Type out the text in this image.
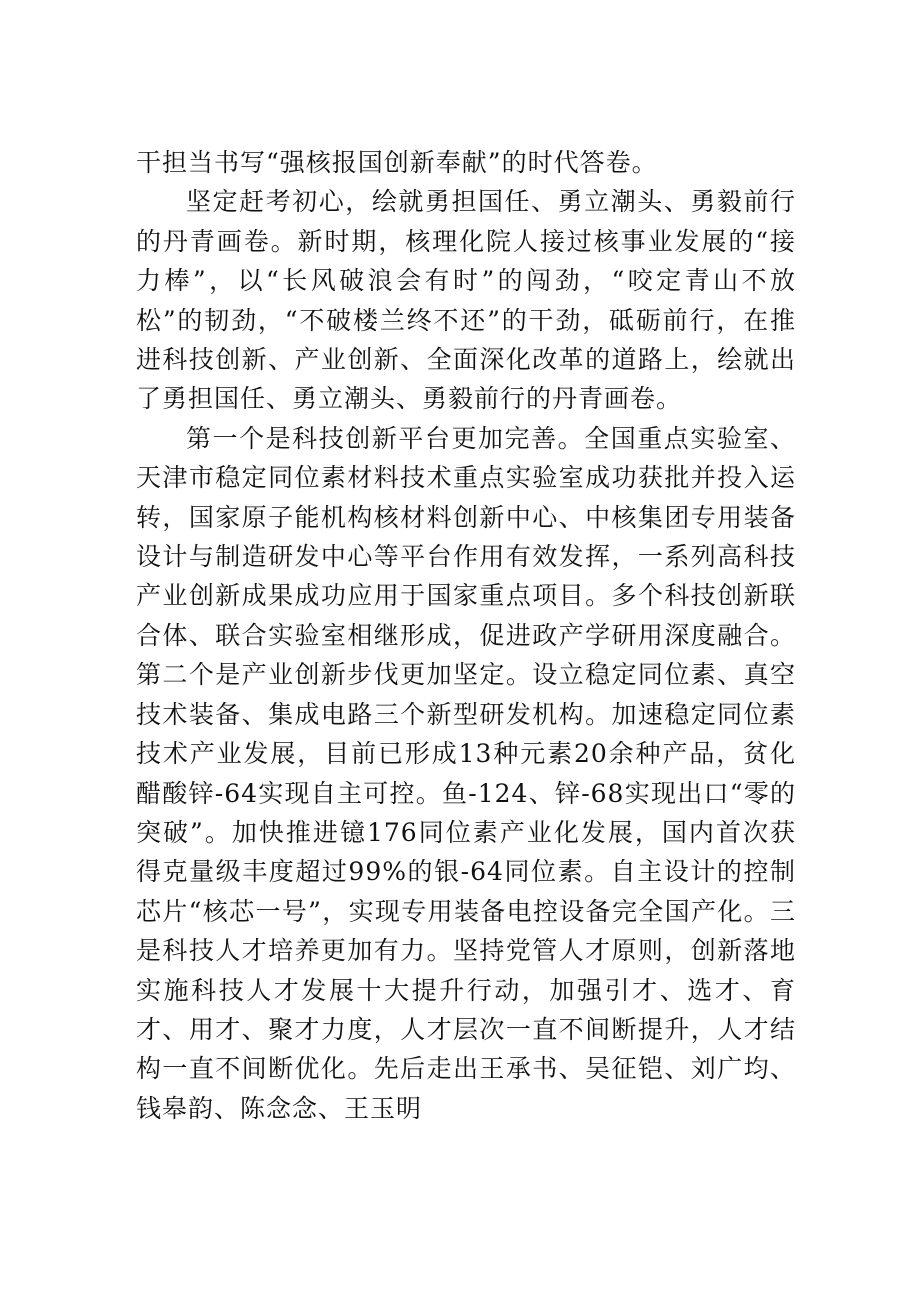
干担当书写“强核报国创新奉献”的时代答卷。

坚定赶考初心，绘就勇担国任、勇立潮头、勇毅前行的丹青画卷。新时期，核理化院人接过核事业发展的“接力棒”，以“长风破浪会有时”的闯劲，“咬定青山不放松”的韧劲，“不破楼兰终不还”的干劲，砥砺前行，在推进科技创新、产业创新、全面深化改革的道路上，绘就出了勇担国任、勇立潮头、勇毅前行的丹青画卷。

第一个是科技创新平台更加完善。全国重点实验室、天津市稳定同位素材料技术重点实验室成功获批并投入运转，国家原子能机构核材料创新中心、中核集团专用装备设计与制造研发中心等平台作用有效发挥，一系列高科技产业创新成果成功应用于国家重点项目。多个科技创新联合体、联合实验室相继形成，促进政产学研用深度融合。第二个是产业创新步伐更加坚定。设立稳定同位素、真空技术装备、集成电路三个新型研发机构。加速稳定同位素技术产业发展，目前已形成13种元素20余种产品，贫化醋酸锌-64实现自主可控。鱼-124、锌-68实现出口“零的突破”。加快推进镱176同位素产业化发展，国内首次获得克量级丰度超过99%的银-64同位素。自主设计的控制芯片“核芯一号”，实现专用装备电控设备完全国产化。三是科技人才培养更加有力。坚持党管人才原则，创新落地实施科技人才发展十大提升行动，加强引才、选才、育才、用才、聚才力度，人才层次一直不间断提升，人才结构一直不间断优化。先后走出王承书、吴征铠、刘广均、钱皋韵、陈念念、王玉明
